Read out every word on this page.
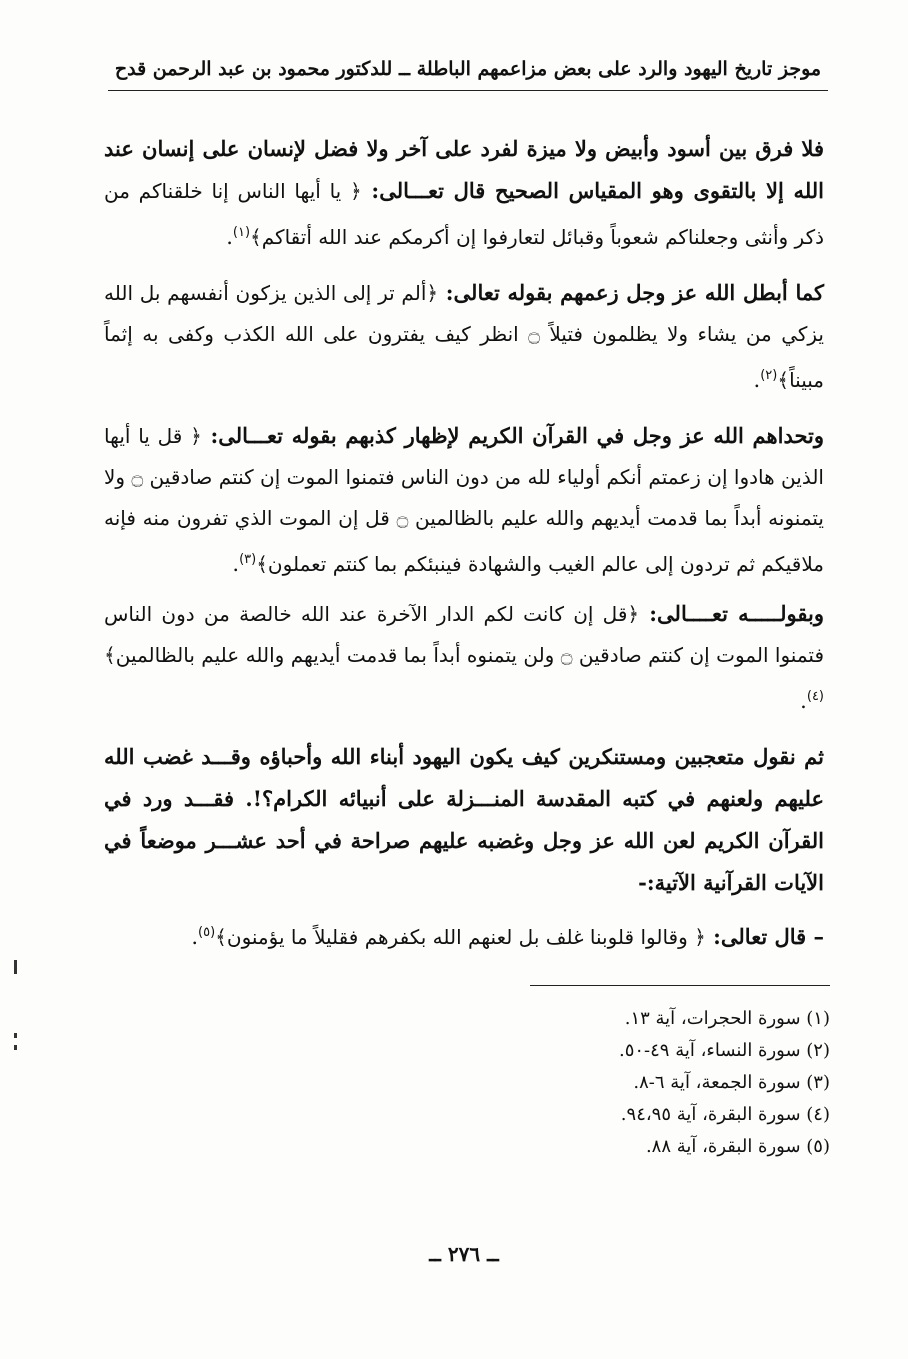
موجز تاريخ اليهود والرد على بعض مزاعمهم الباطلة ــ للدكتور محمود بن عبد الرحمن قدح

فلا فرق بين أسود وأبيض ولا ميزة لفرد على آخر ولا فضل لإنسان على إنسان عند الله إلا بالتقوى وهو المقياس الصحيح قال تعـــالى: ﴿ يا أيها الناس إنا خلقناكم من ذكر وأنثى وجعلناكم شعوباً وقبائل لتعارفوا إن أكرمكم عند الله أتقاكم﴾$^{(١)}$.

كما أبطل الله عز وجل زعمهم بقوله تعالى: ﴿ألم تر إلى الذين يزكون أنفسهم بل الله يزكي من يشاء ولا يظلمون فتيلاً ۝ انظر كيف يفترون على الله الكذب وكفى به إثماً مبيناً﴾$^{(٢)}$.

وتحداهم الله عز وجل في القرآن الكريم لإظهار كذبهم بقوله تعـــالى: ﴿ قل يا أيها الذين هادوا إن زعمتم أنكم أولياء لله من دون الناس فتمنوا الموت إن كنتم صادقين ۝ ولا يتمنونه أبداً بما قدمت أيديهم والله عليم بالظالمين ۝ قل إن الموت الذي تفرون منه فإنه ملاقيكم ثم تردون إلى عالم الغيب والشهادة فينبئكم بما كنتم تعملون﴾$^{(٣)}$.

وبقولـــــه تعــــالى: ﴿قل إن كانت لكم الدار الآخرة عند الله خالصة من دون الناس فتمنوا الموت إن كنتم صادقين ۝ ولن يتمنوه أبداً بما قدمت أيديهم والله عليم بالظالمين﴾$^{(٤)}$.

ثم نقول متعجبين ومستنكرين كيف يكون اليهود أبناء الله وأحباؤه وقـــد غضب الله عليهم ولعنهم في كتبه المقدسة المنـــزلة على أنبيائه الكرام؟!. فقـــد ورد في القرآن الكريم لعن الله عز وجل وغضبه عليهم صراحة في أحد عشـــر موضعاً في الآيات القرآنية الآتية:-

– قال تعالى: ﴿ وقالوا قلوبنا غلف بل لعنهم الله بكفرهم فقليلاً ما يؤمنون﴾$^{(٥)}$.

(١) سورة الحجرات، آية ١٣.
(٢) سورة النساء، آية ٤٩-٥٠.
(٣) سورة الجمعة، آية ٦-٨.
(٤) سورة البقرة، آية ٩٤،٩٥.
(٥) سورة البقرة، آية ٨٨.
ــ ٢٧٦ ــ
